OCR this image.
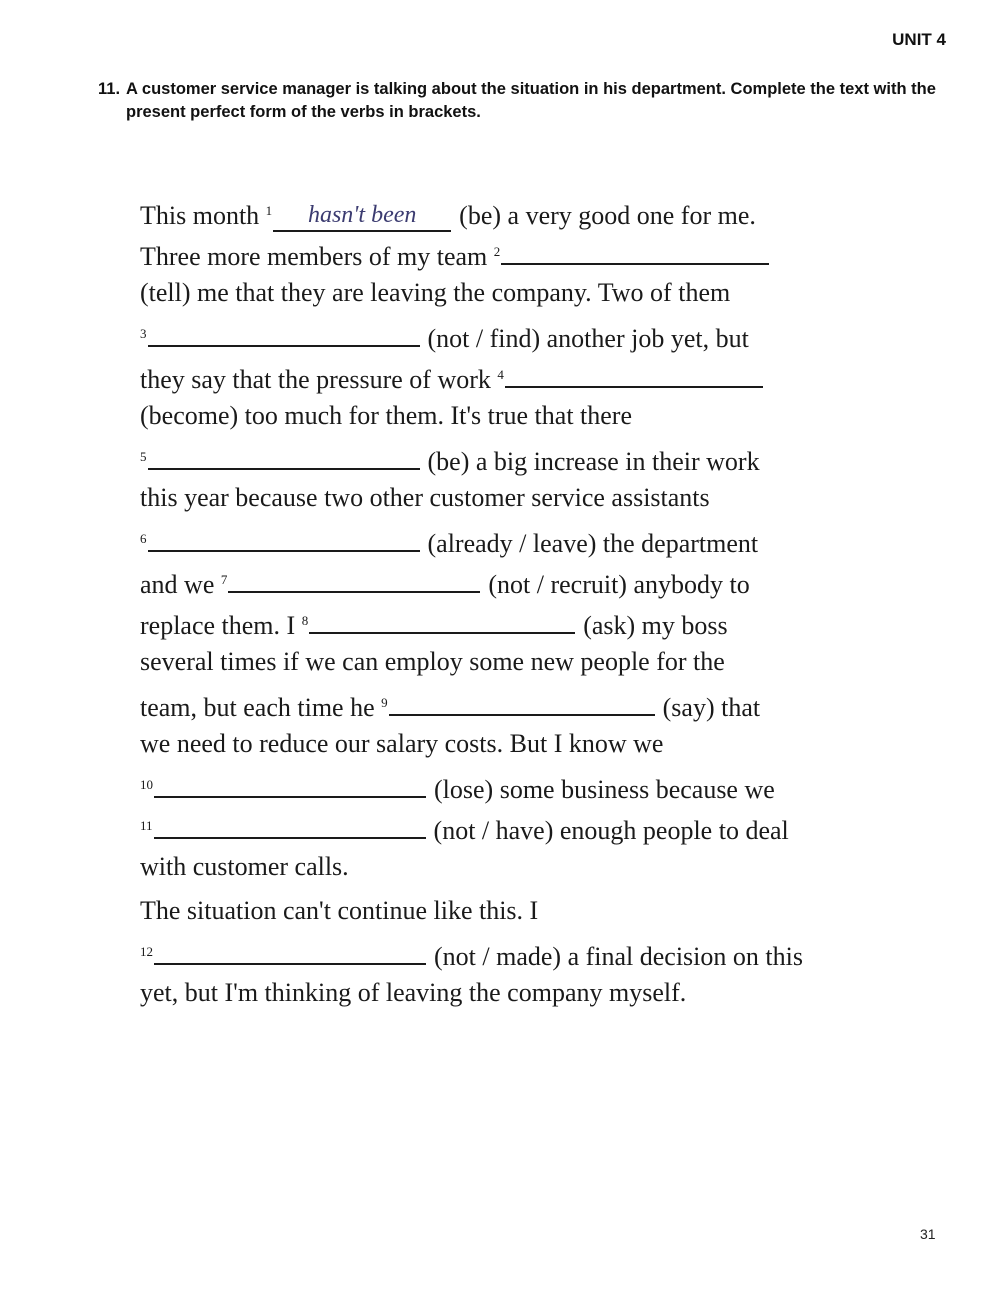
UNIT 4
11. A customer service manager is talking about the situation in his department. Complete the text with the present perfect form of the verbs in brackets.
This month $^1$ hasn't been (be) a very good one for me.
Three more members of my team $^2$
(tell) me that they are leaving the company. Two of them
$^3$	(not / find) another job yet, but
they say that the pressure of work $^4$
(become) too much for them. It's true that there
$^5$	(be) a big increase in their work
this year because two other customer service assistants
$^6$	(already / leave) the department
and we $^7$	(not / recruit) anybody to
replace them. I $^8$	(ask) my boss
several times if we can employ some new people for the
team, but each time he $^9$	(say) that
we need to reduce our salary costs. But I know we
$^{10}$	(lose) some business because we
$^{11}$	(not / have) enough people to deal
with customer calls.
The situation can't continue like this. I
$^{12}$	(not / made) a final decision on this
yet, but I'm thinking of leaving the company myself.
31
